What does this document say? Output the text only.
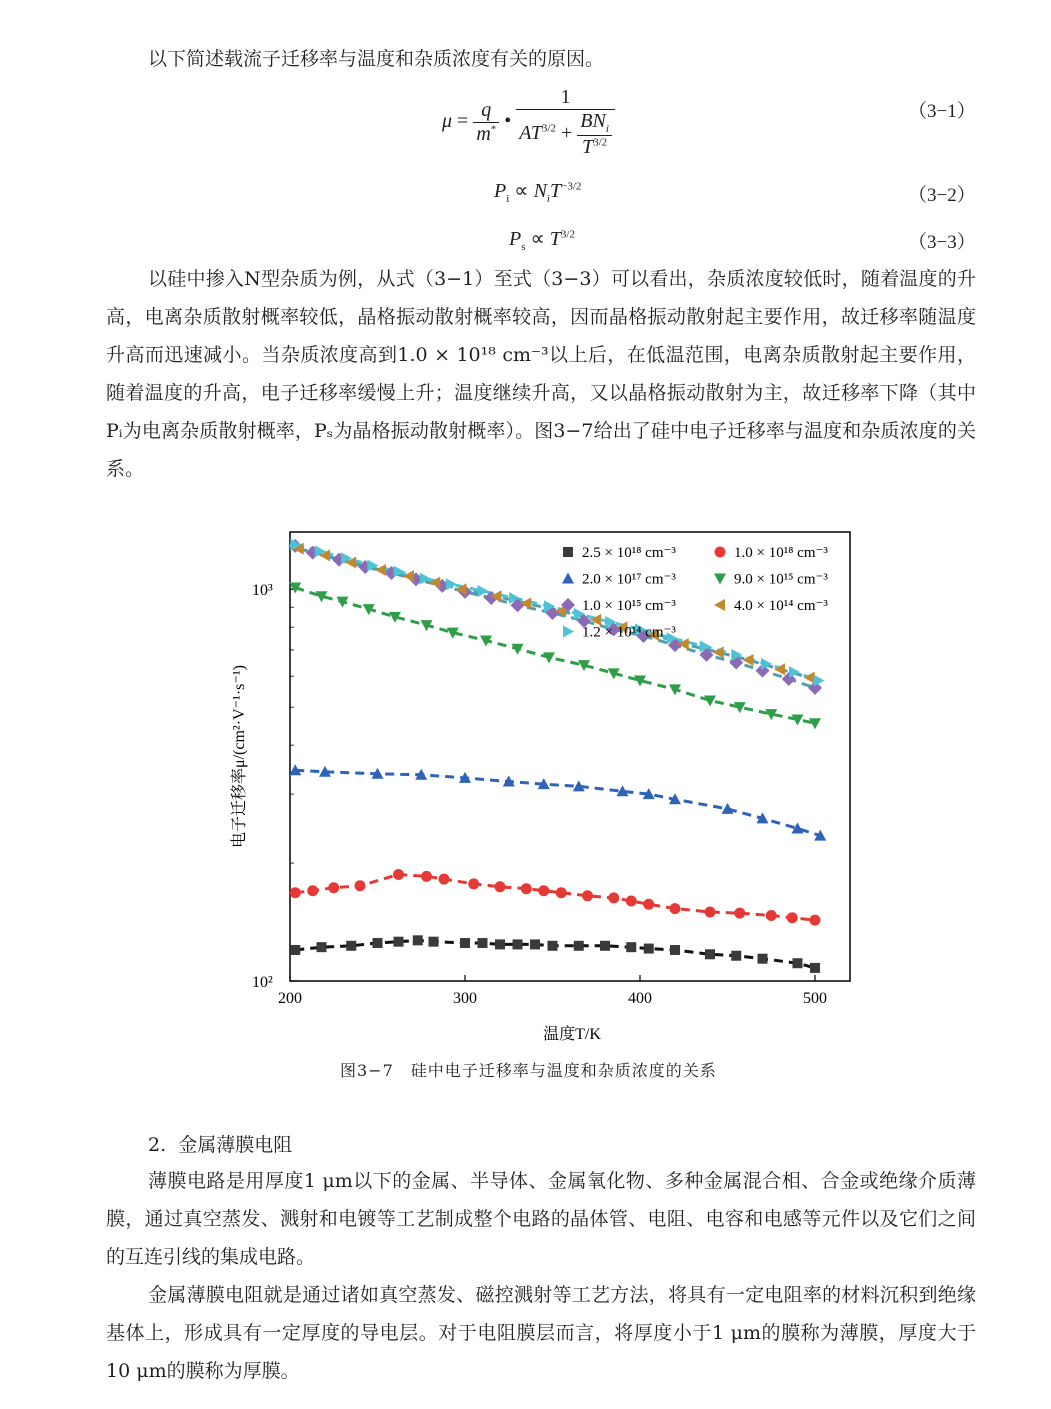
以下简述载流子迁移率与温度和杂质浓度有关的原因。
$\mu = \frac{q}{m^*}$ • $\frac{1}{AT^{3/2} + \frac{BN_i}{T^{3/2}}}$	（3−1）
$P_i \propto N_iT^{-3/2}$	（3−2）
$P_s \propto T^{3/2}$	（3−3）
以硅中掺入N型杂质为例，从式（3−1）至式（3−3）可以看出，杂质浓度较低时，随着温度的升高，电离杂质散射概率较低，晶格振动散射概率较高，因而晶格振动散射起主要作用，故迁移率随温度升高而迅速减小。当杂质浓度高到1.0 × 10¹⁸ cm⁻³以上后，在低温范围，电离杂质散射起主要作用，随着温度的升高，电子迁移率缓慢上升；温度继续升高，又以晶格振动散射为主，故迁移率下降（其中Pᵢ为电离杂质散射概率，Pₛ为晶格振动散射概率）。图3−7给出了硅中电子迁移率与温度和杂质浓度的关系。
200	300	400	500
10²
10³
温度T/K
电子迁移率μ/(cm²·V⁻¹·s⁻¹)
2.5 × 10¹⁸ cm⁻³	1.0 × 10¹⁸ cm⁻³
2.0 × 10¹⁷ cm⁻³	9.0 × 10¹⁵ cm⁻³
1.0 × 10¹⁵ cm⁻³	4.0 × 10¹⁴ cm⁻³
1.2 × 10¹⁴ cm⁻³
图3−7　硅中电子迁移率与温度和杂质浓度的关系
2.  金属薄膜电阻
薄膜电路是用厚度1 μm以下的金属、半导体、金属氧化物、多种金属混合相、合金或绝缘介质薄膜，通过真空蒸发、溅射和电镀等工艺制成整个电路的晶体管、电阻、电容和电感等元件以及它们之间的互连引线的集成电路。
金属薄膜电阻就是通过诸如真空蒸发、磁控溅射等工艺方法，将具有一定电阻率的材料沉积到绝缘基体上，形成具有一定厚度的导电层。对于电阻膜层而言，将厚度小于1 μm的膜称为薄膜，厚度大于10 μm的膜称为厚膜。
